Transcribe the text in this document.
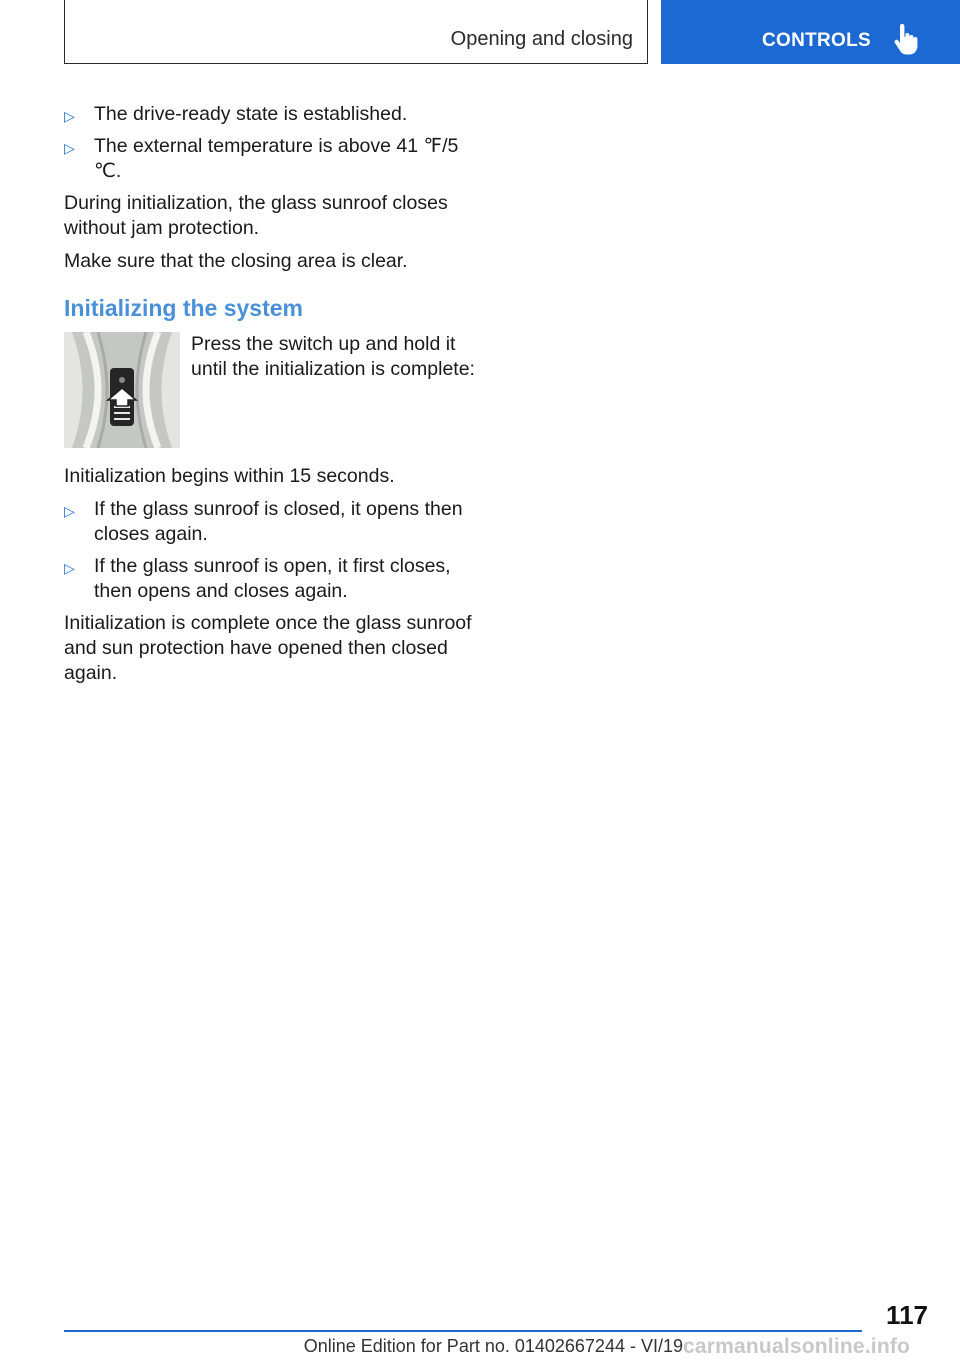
Opening and closing	CONTROLS
▷ The drive-ready state is established.
▷ The external temperature is above 41 ℉/5 ℃.

During initialization, the glass sunroof closes without jam protection.

Make sure that the closing area is clear.

Initializing the system
Press the switch up and hold it until the initialization is complete:

Initialization begins within 15 seconds.

▷ If the glass sunroof is closed, it opens then closes again.
▷ If the glass sunroof is open, it first closes, then opens and closes again.

Initialization is complete once the glass sunroof and sun protection have opened then closed again.

117
Online Edition for Part no. 01402667244 - VI/19 carmanualsonline.info
